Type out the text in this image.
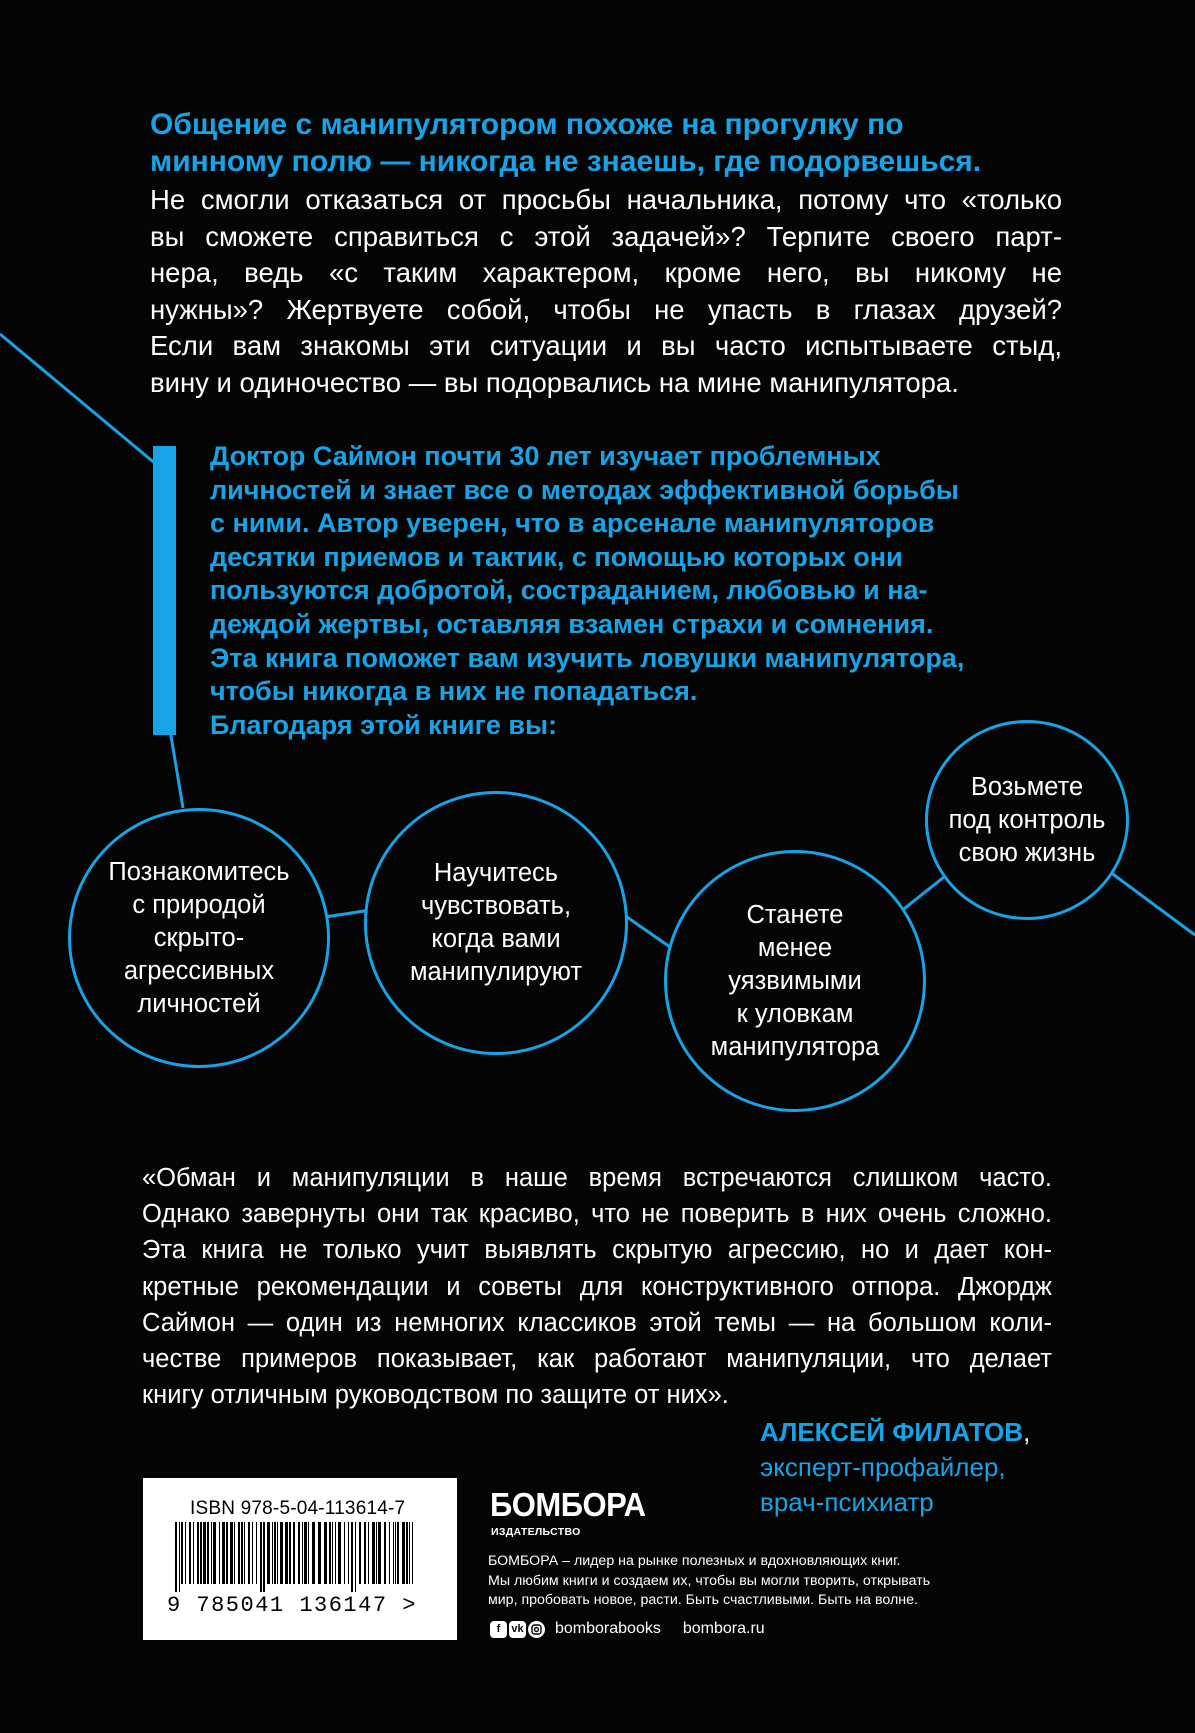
Общение с манипулятором похоже на прогулку по
минному полю — никогда не знаешь, где подорвешься.
Не смогли отказаться от просьбы начальника, потому что «только
вы сможете справиться с этой задачей»? Терпите своего парт-
нера, ведь «с таким характером, кроме него, вы никому не
нужны»? Жертвуете собой, чтобы не упасть в глазах друзей?
Если вам знакомы эти ситуации и вы часто испытываете стыд,
вину и одиночество — вы подорвались на мине манипулятора.
Доктор Саймон почти 30 лет изучает проблемных
личностей и знает все о методах эффективной борьбы
с ними. Автор уверен, что в арсенале манипуляторов
десятки приемов и тактик, с помощью которых они
пользуются добротой, состраданием, любовью и на-
деждой жертвы, оставляя взамен страхи и сомнения.
Эта книга поможет вам изучить ловушки манипулятора,
чтобы никогда в них не попадаться.
Благодаря этой книге вы:
Познакомитесь
с природой
скрыто-
агрессивных
личностей
Научитесь
чувствовать,
когда вами
манипулируют
Станете
менее
уязвимыми
к уловкам
манипулятора
Возьмете
под контроль
свою жизнь
«Обман и манипуляции в наше время встречаются слишком часто.
Однако завернуты они так красиво, что не поверить в них очень сложно.
Эта книга не только учит выявлять скрытую агрессию, но и дает кон-
кретные рекомендации и советы для конструктивного отпора. Джордж
Саймон — один из немногих классиков этой темы — на большом коли-
честве примеров показывает, как работают манипуляции, что делает
книгу отличным руководством по защите от них».
АЛЕКСЕЙ ФИЛАТОВ,
эксперт-профайлер,
врач-психиатр
ISBN 978-5-04-113614-7
9 785041 136147 >
БОМБОРА
ИЗДАТЕЛЬСТВО
БОМБОРА – лидер на рынке полезных и вдохновляющих книг.
Мы любим книги и создаем их, чтобы вы могли творить, открывать
мир, пробовать новое, расти. Быть счастливыми. Быть на волне.
f	vk bomborabooks bombora.ru
